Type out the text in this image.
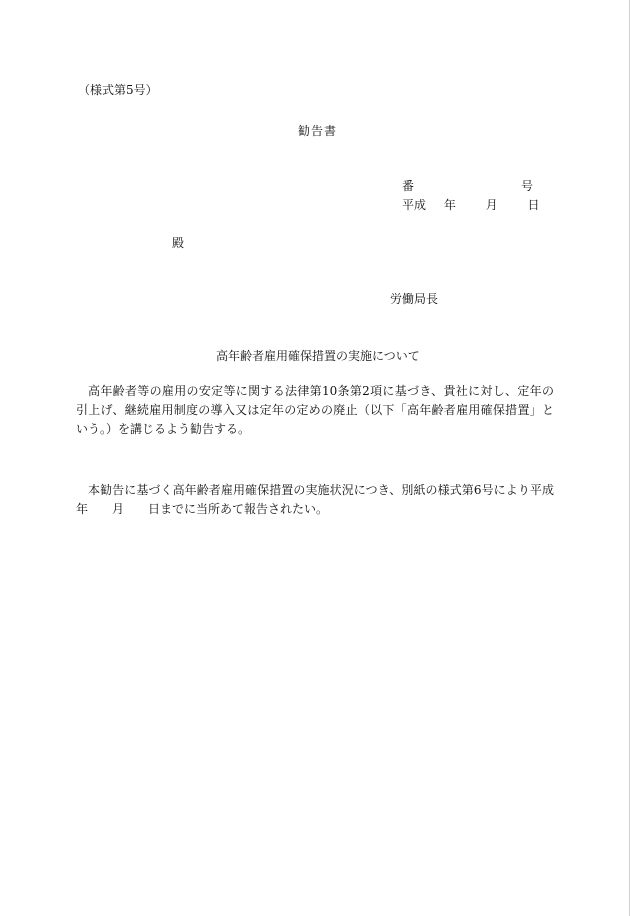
（様式第5号）
勧告書
番	号
平成 年 月 日
殿
労働局長
高年齢者雇用確保措置の実施について
高年齢者等の雇用の安定等に関する法律第10条第2項に基づき、貴社に対し、定年の引上げ、継続雇用制度の導入又は定年の定めの廃止（以下「高年齢者雇用確保措置」という。）を講じるよう勧告する。
本勧告に基づく高年齢者雇用確保措置の実施状況につき、別紙の様式第6号により平成　　年　　月　　日までに当所あて報告されたい。
